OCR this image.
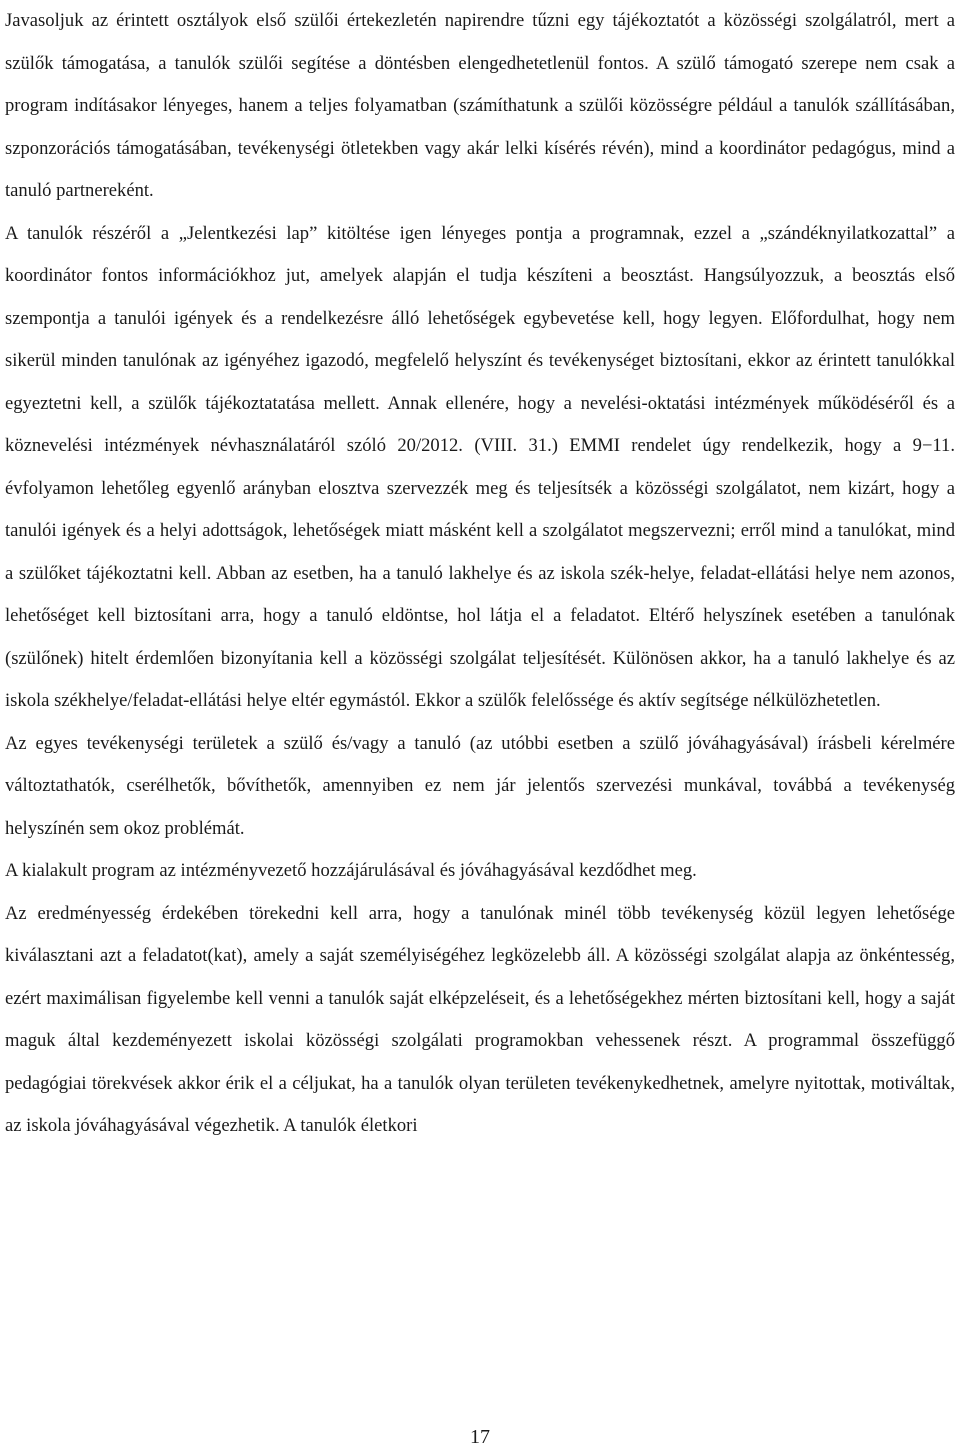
Javasoljuk az érintett osztályok első szülői értekezletén napirendre tűzni egy tájékoztatót a közösségi szolgálatról, mert a szülők támogatása, a tanulók szülői segítése a döntésben elengedhetetlenül fontos. A szülő támogató szerepe nem csak a program indításakor lényeges, hanem a teljes folyamatban (számíthatunk a szülői közösségre például a tanulók szállításában, szponzorációs támogatásában, tevékenységi ötletekben vagy akár lelki kísérés révén), mind a koordinátor pedagógus, mind a tanuló partnereként.

A tanulók részéről a „Jelentkezési lap” kitöltése igen lényeges pontja a programnak, ezzel a „szándéknyilatkozattal” a koordinátor fontos információkhoz jut, amelyek alapján el tudja készíteni a beosztást. Hangsúlyozzuk, a beosztás első szempontja a tanulói igények és a rendelkezésre álló lehetőségek egybevetése kell, hogy legyen. Előfordulhat, hogy nem sikerül minden tanulónak az igényéhez igazodó, megfelelő helyszínt és tevékenységet biztosítani, ekkor az érintett tanulókkal egyeztetni kell, a szülők tájékoztatatása mellett. Annak ellenére, hogy a nevelési-oktatási intézmények működéséről és a köznevelési intézmények névhasználatáról szóló 20/2012. (VIII. 31.) EMMI rendelet úgy rendelkezik, hogy a 9−11. évfolyamon lehetőleg egyenlő arányban elosztva szervezzék meg és teljesítsék a közösségi szolgálatot, nem kizárt, hogy a tanulói igények és a helyi adottságok, lehetőségek miatt másként kell a szolgálatot megszervezni; erről mind a tanulókat, mind a szülőket tájékoztatni kell. Abban az esetben, ha a tanuló lakhelye és az iskola szék-helye, feladat-ellátási helye nem azonos, lehetőséget kell biztosítani arra, hogy a tanuló eldöntse, hol látja el a feladatot. Eltérő helyszínek esetében a tanulónak (szülőnek) hitelt érdemlően bizonyítania kell a közösségi szolgálat teljesítését. Különösen akkor, ha a tanuló lakhelye és az iskola székhelye/feladat-ellátási helye eltér egymástól. Ekkor a szülők felelőssége és aktív segítsége nélkülözhetetlen.

Az egyes tevékenységi területek a szülő és/vagy a tanuló (az utóbbi esetben a szülő jóváhagyásával) írásbeli kérelmére változtathatók, cserélhetők, bővíthetők, amennyiben ez nem jár jelentős szervezési munkával, továbbá a tevékenység helyszínén sem okoz problémát.

A kialakult program az intézményvezető hozzájárulásával és jóváhagyásával kezdődhet meg.

Az eredményesség érdekében törekedni kell arra, hogy a tanulónak minél több tevékenység közül legyen lehetősége kiválasztani azt a feladatot(kat), amely a saját személyiségéhez legközelebb áll. A közösségi szolgálat alapja az önkéntesség, ezért maximálisan figyelembe kell venni a tanulók saját elképzeléseit, és a lehetőségekhez mérten biztosítani kell, hogy a saját maguk által kezdeményezett iskolai közösségi szolgálati programokban vehessenek részt. A programmal összefüggő pedagógiai törekvések akkor érik el a céljukat, ha a tanulók olyan területen tevékenykedhetnek, amelyre nyitottak, motiváltak, az iskola jóváhagyásával végezhetik. A tanulók életkori

17
